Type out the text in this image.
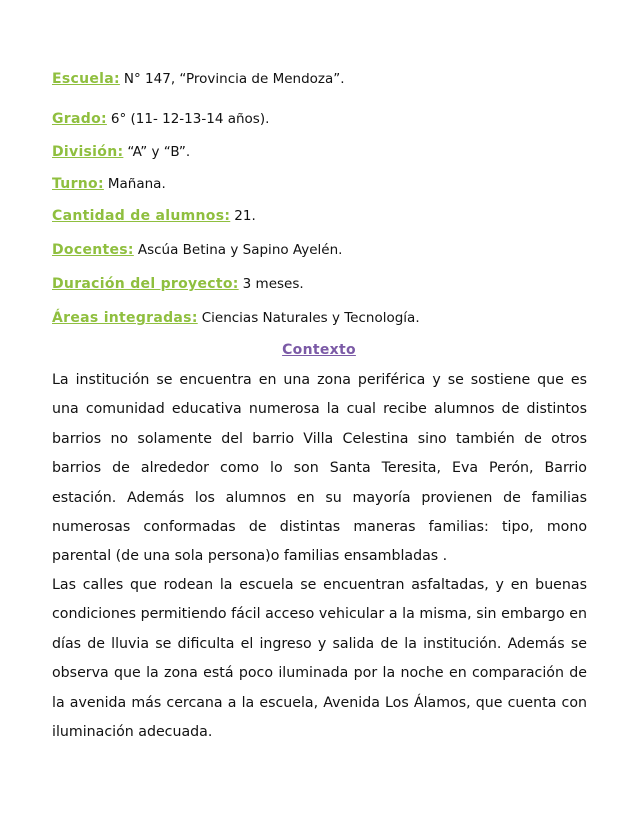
Escuela: N° 147, “Provincia de Mendoza”.
Grado: 6° (11- 12-13-14 años).
División: “A” y “B”.
Turno: Mañana.
Cantidad de alumnos: 21.
Docentes: Ascúa Betina y Sapino Ayelén.
Duración del proyecto: 3 meses.
Áreas integradas: Ciencias Naturales y Tecnología.
Contexto
La institución se encuentra en una zona periférica y se sostiene que es una comunidad educativa numerosa la cual recibe alumnos de distintos barrios no solamente del barrio Villa Celestina sino también de otros barrios de alrededor como lo son Santa Teresita, Eva Perón, Barrio estación. Además los alumnos en su mayoría provienen de familias numerosas conformadas de distintas maneras familias: tipo, mono parental (de una sola persona)o familias ensambladas .
Las calles que rodean la escuela se encuentran asfaltadas, y en buenas condiciones permitiendo fácil acceso vehicular a la misma, sin embargo en días de lluvia se dificulta el ingreso y salida de la institución. Además se observa que la zona está poco iluminada por la noche en comparación de la avenida más cercana a la escuela, Avenida Los Álamos, que cuenta con iluminación adecuada.
